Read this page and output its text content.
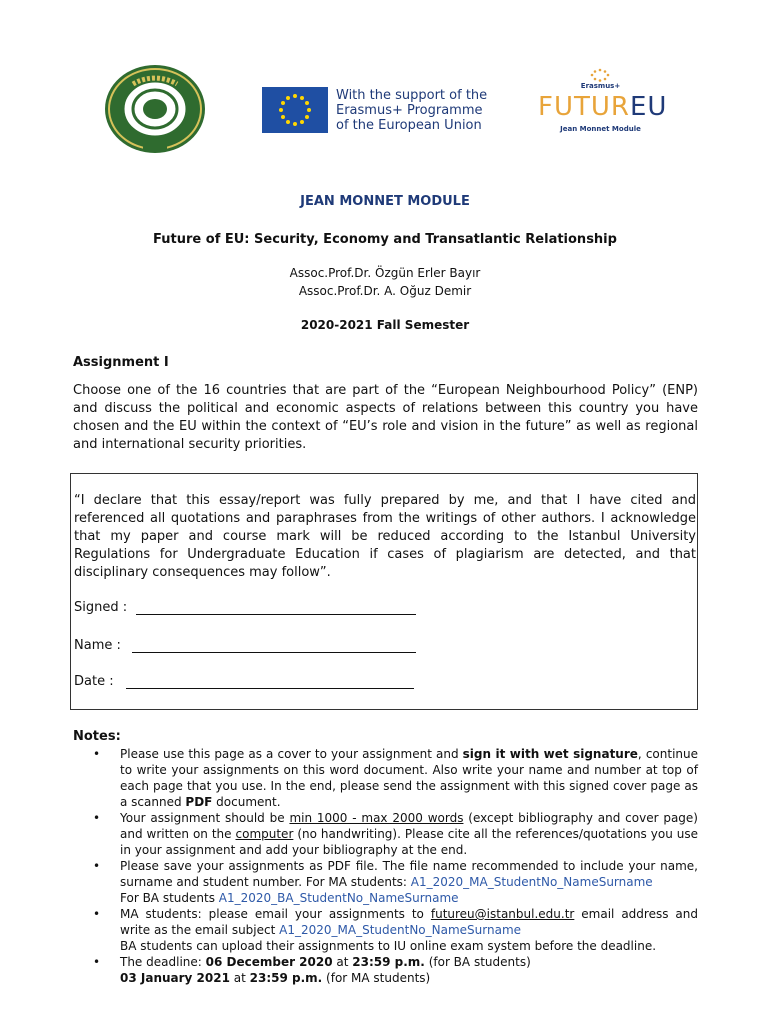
With the support of the
Erasmus+ Programme
of the European Union
Erasmus+
FUTUREU
Jean Monnet Module
JEAN MONNET MODULE
Future of EU: Security, Economy and Transatlantic Relationship
Assoc.Prof.Dr. Özgün Erler Bayır
Assoc.Prof.Dr. A. Oğuz Demir
2020-2021 Fall Semester
Assignment I

Choose one of the 16 countries that are part of the “European Neighbourhood Policy” (ENP) and discuss the political and economic aspects of relations between this country you have chosen and the EU within the context of “EU’s role and vision in the future” as well as regional and international security priorities.

“I declare that this essay/report was fully prepared by me, and that I have cited and referenced all quotations and paraphrases from the writings of other authors. I acknowledge that my paper and course mark will be reduced according to the Istanbul University Regulations for Undergraduate Education if cases of plagiarism are detected, and that disciplinary consequences may follow”.

Signed :
Name :
Date :
Notes:
• Please use this page as a cover to your assignment and sign it with wet signature, continue to write your assignments on this word document. Also write your name and number at top of each page that you use. In the end, please send the assignment with this signed cover page as a scanned PDF document.
• Your assignment should be min 1000 - max 2000 words (except bibliography and cover page) and written on the computer (no handwriting). Please cite all the references/quotations you use in your assignment and add your bibliography at the end.
• Please save your assignments as PDF file. The file name recommended to include your name, surname and student number. For MA students: A1_2020_MA_StudentNo_NameSurname
For BA students A1_2020_BA_StudentNo_NameSurname
• MA students: please email your assignments to futureu@istanbul.edu.tr email address and write as the email subject A1_2020_MA_StudentNo_NameSurname
BA students can upload their assignments to IU online exam system before the deadline.
• The deadline: 06 December 2020 at 23:59 p.m. (for BA students)
03 January 2021 at 23:59 p.m. (for MA students)
